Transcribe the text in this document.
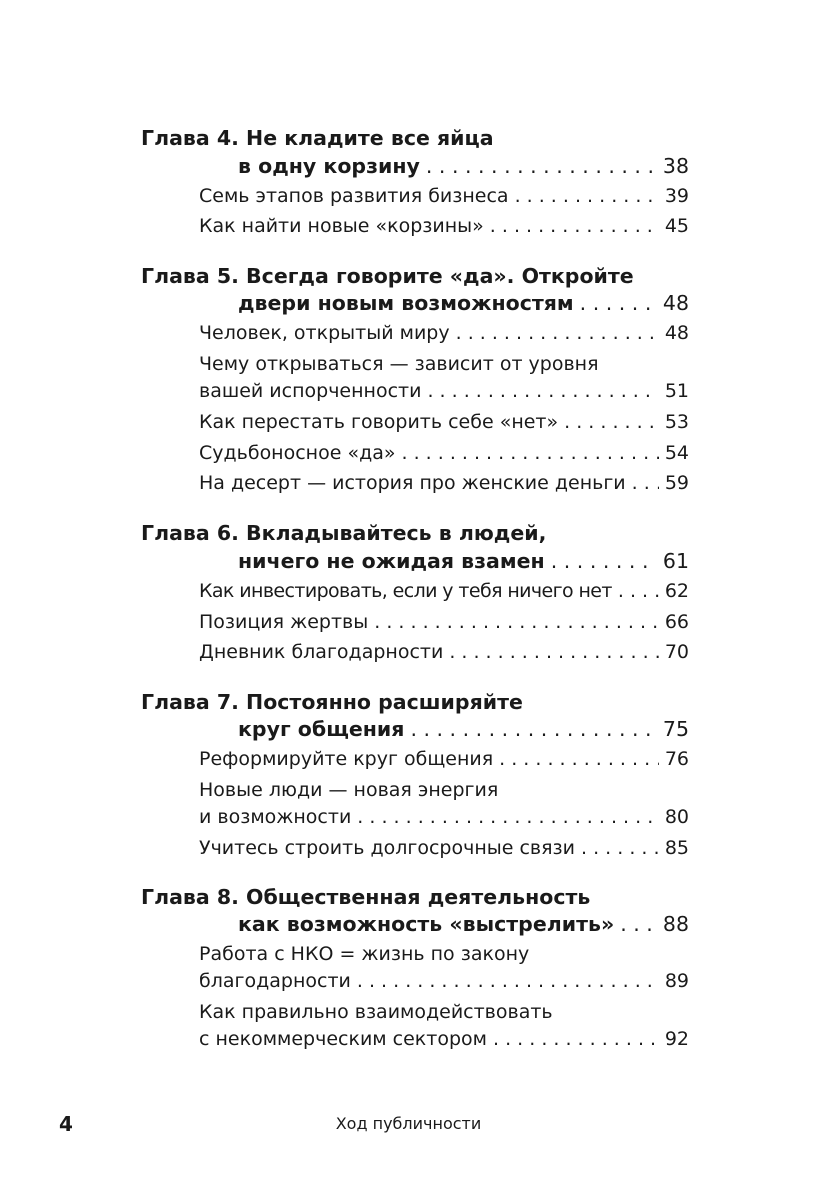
Глава 4. Не кладите все яйца
в одну корзину . . .	38
Семь этапов развития бизнеса . . .	39
Как найти новые «корзины» . . .	45
Глава 5. Всегда говорите «да». Откройте
двери новым возможностям . . .	48
Человек, открытый миру . . .	48
Чему открываться — зависит от уровня
вашей испорченности . . .	51
Как перестать говорить себе «нет» . . .	53
Судьбоносное «да» . . .	54
На десерт — история про женские деньги . . . 59
Глава 6. Вкладывайтесь в людей,
ничего не ожидая взамен . . .	61
Как инвестировать, если у тебя ничего нет . . .	62
Позиция жертвы . . .	66
Дневник благодарности . . .	70
Глава 7. Постоянно расширяйте
круг общения . . .	75
Реформируйте круг общения . . .	76
Новые люди — новая энергия
и возможности . . .	80
Учитесь строить долгосрочные связи . . .	85
Глава 8. Общественная деятельность
как возможность «выстрелить» . . . 88
Работа с НКО = жизнь по закону
благодарности . . .	89
Как правильно взаимодействовать
с некоммерческим сектором . . .	92
4	Ход публичности
